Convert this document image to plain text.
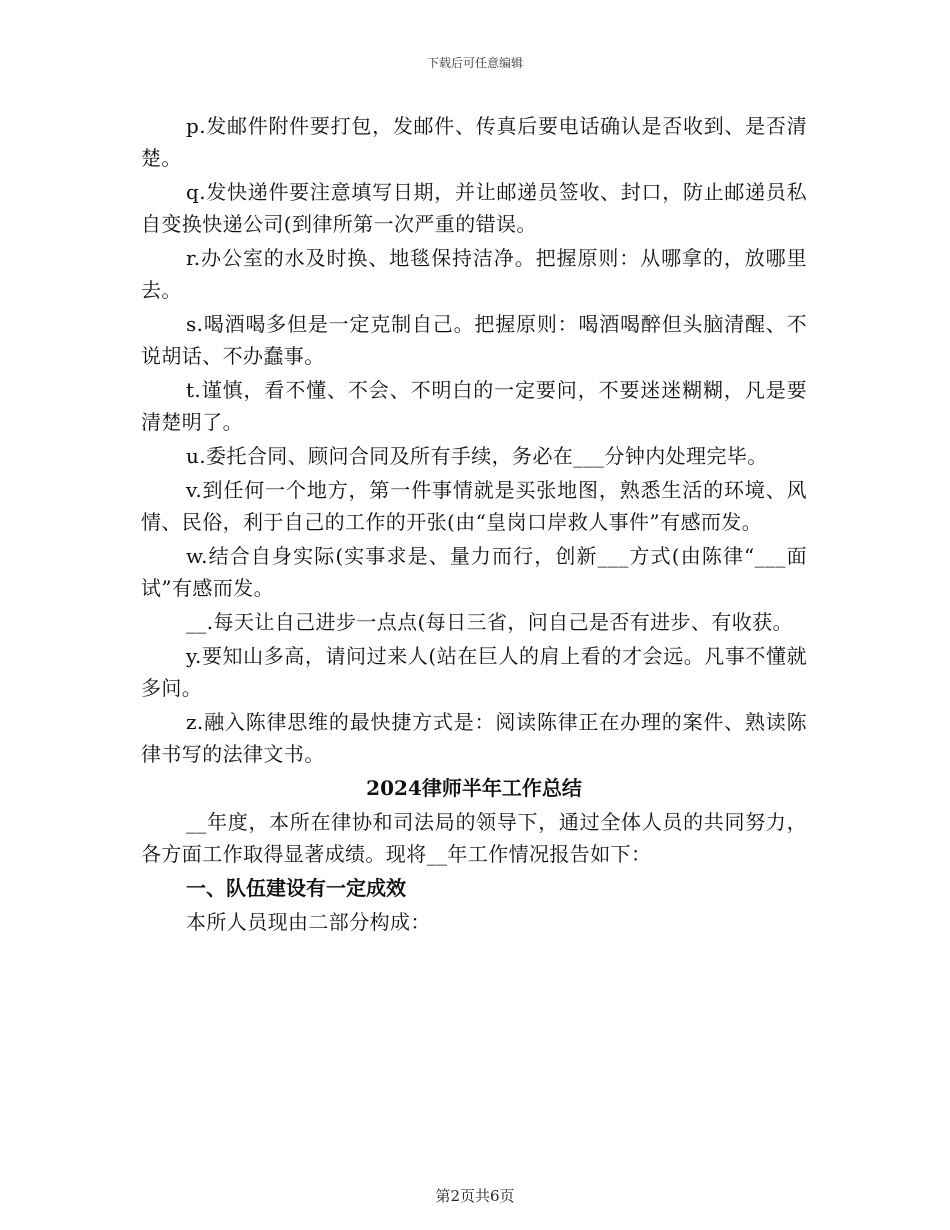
下载后可任意编辑

p.发邮件附件要打包，发邮件、传真后要电话确认是否收到、是否清楚。

q.发快递件要注意填写日期，并让邮递员签收、封口，防止邮递员私自变换快递公司(到律所第一次严重的错误。

r.办公室的水及时换、地毯保持洁净。把握原则：从哪拿的，放哪里去。

s.喝酒喝多但是一定克制自己。把握原则：喝酒喝醉但头脑清醒、不说胡话、不办蠢事。

t.谨慎，看不懂、不会、不明白的一定要问，不要迷迷糊糊，凡是要清楚明了。

u.委托合同、顾问合同及所有手续，务必在___分钟内处理完毕。

v.到任何一个地方，第一件事情就是买张地图，熟悉生活的环境、风情、民俗，利于自己的工作的开张(由“皇岗口岸救人事件”有感而发。

w.结合自身实际(实事求是、量力而行，创新___方式(由陈律“___面试”有感而发。

__.每天让自己进步一点点(每日三省，问自己是否有进步、有收获。

y.要知山多高，请问过来人(站在巨人的肩上看的才会远。凡事不懂就多问。

z.融入陈律思维的最快捷方式是：阅读陈律正在办理的案件、熟读陈律书写的法律文书。

2024律师半年工作总结

__年度，本所在律协和司法局的领导下，通过全体人员的共同努力，各方面工作取得显著成绩。现将__年工作情况报告如下：

一、队伍建设有一定成效

本所人员现由二部分构成：

第2页共6页
